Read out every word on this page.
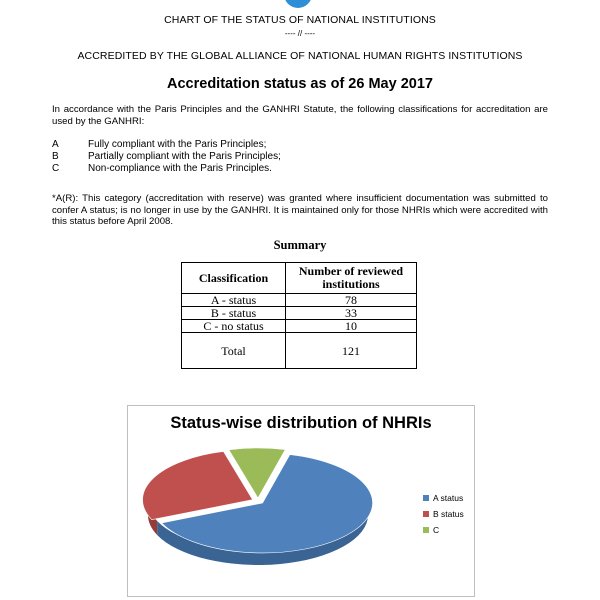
CHART OF THE STATUS OF NATIONAL INSTITUTIONS
---- // ----
ACCREDITED BY THE GLOBAL ALLIANCE OF NATIONAL HUMAN RIGHTS INSTITUTIONS
Accreditation status as of 26 May 2017
In accordance with the Paris Principles and the GANHRI Statute, the following classifications for accreditation are used by the GANHRI:
A	Fully compliant with the Paris Principles;
B	Partially compliant with the Paris Principles;
C	Non-compliance with the Paris Principles.
*A(R): This category (accreditation with reserve) was granted where insufficient documentation was submitted to confer A status; is no longer in use by the GANHRI. It is maintained only for those NHRIs which were accredited with this status before April 2008.
Summary
Classification	Number of reviewed institutions
A - status	78
B - status	33
C - no status	10
Total	121
Status-wise distribution of NHRIs
A status
B status
C
